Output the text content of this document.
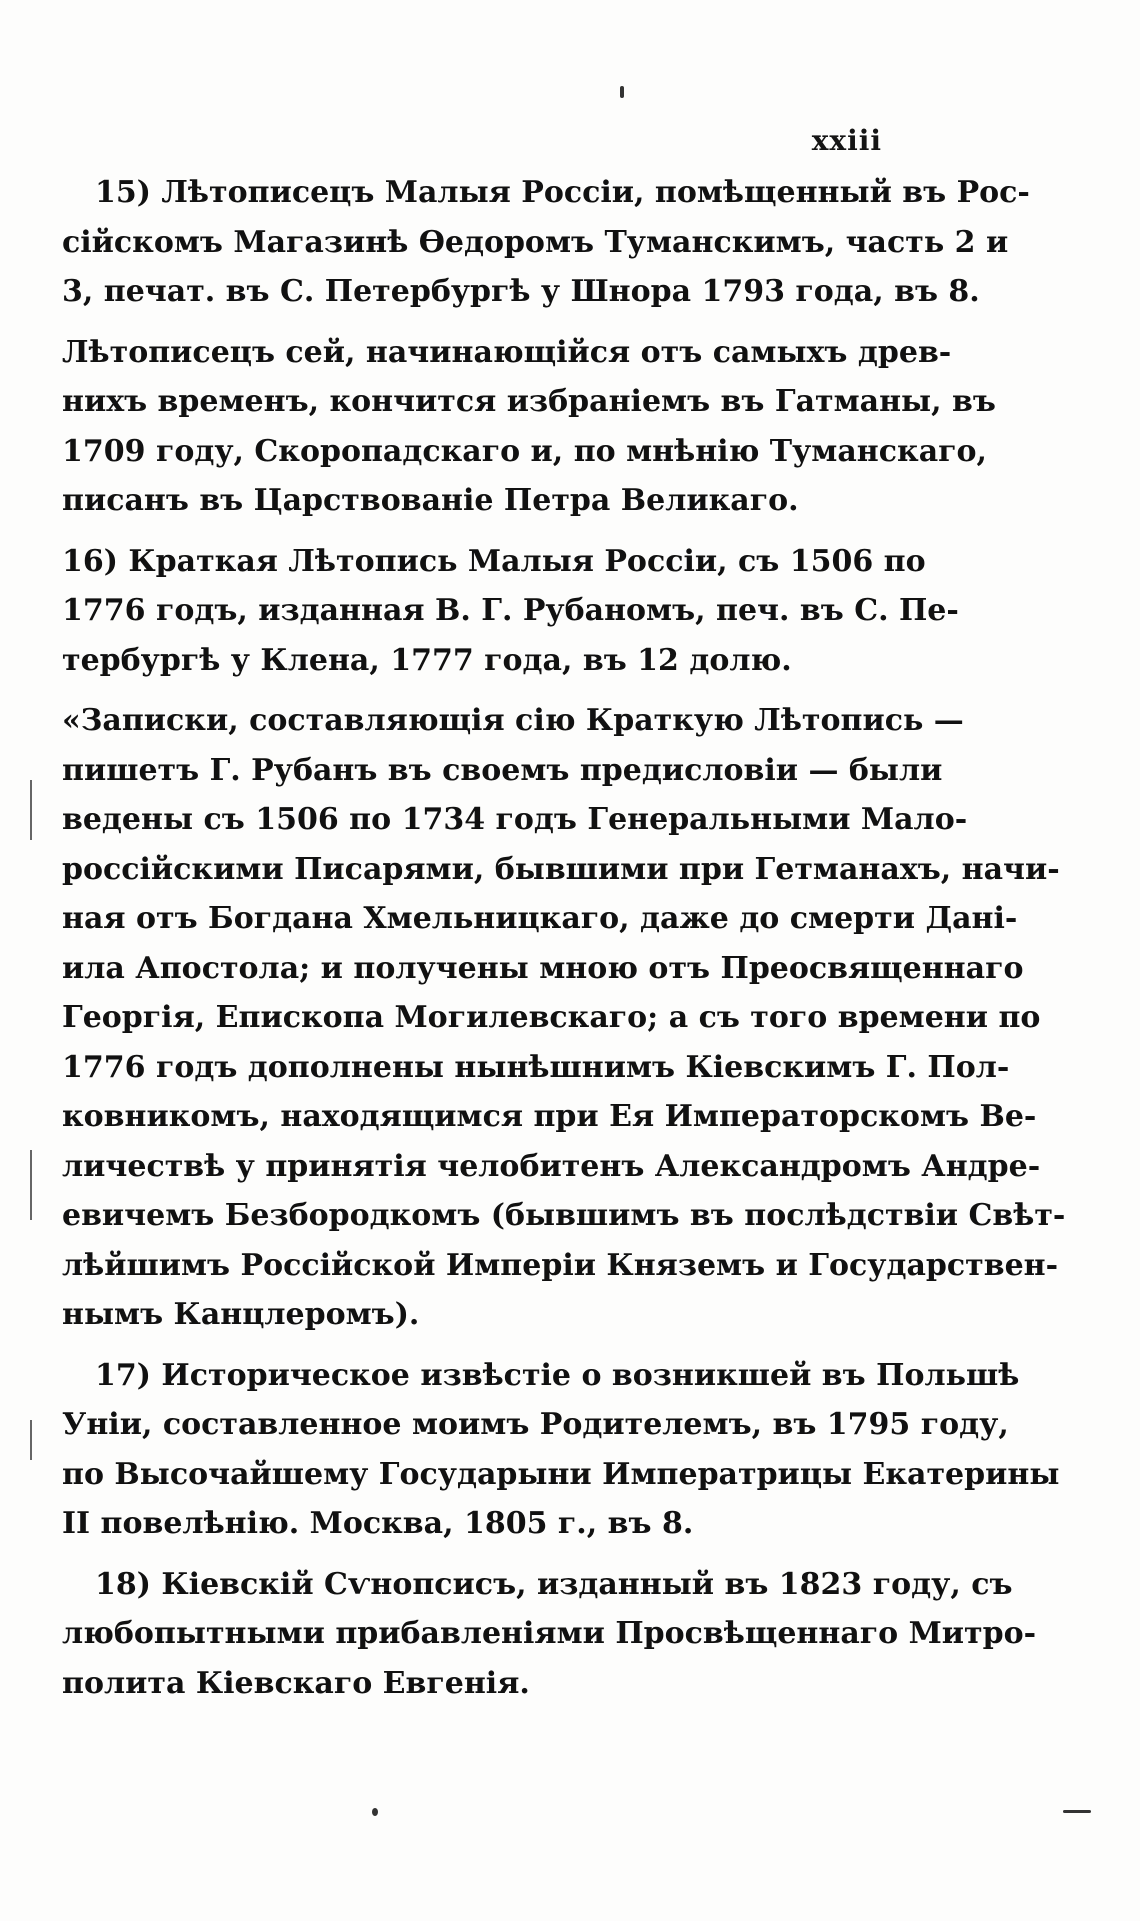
xxiii
15) Лѣтописецъ Малыя Россіи, помѣщенный въ Рос-
сійскомъ Магазинѣ Ѳедоромъ Туманскимъ, часть 2 и
3, печат. въ С. Петербургѣ у Шнора 1793 года, въ 8.
Лѣтописецъ сей, начинающійся отъ самыхъ древ-
нихъ временъ, кончится избраніемъ въ Гатманы, въ
1709 году, Скоропадскаго и, по мнѣнію Туманскаго,
писанъ въ Царствованіе Петра Великаго.
16) Краткая Лѣтопись Малыя Россіи, съ 1506 по
1776 годъ, изданная В. Г. Рубаномъ, печ. въ С. Пе-
тербургѣ у Клена, 1777 года, въ 12 долю.
«Записки, составляющія сію Краткую Лѣтопись —
пишетъ Г. Рубанъ въ своемъ предисловіи — были
ведены съ 1506 по 1734 годъ Генеральными Мало-
россійскими Писарями, бывшими при Гетманахъ, начи-
ная отъ Богдана Хмельницкаго, даже до смерти Дані-
ила Апостола; и получены мною отъ Преосвященнаго
Георгія, Епископа Могилевскаго; а съ того времени по
1776 годъ дополнены нынѣшнимъ Кіевскимъ Г. Пол-
ковникомъ, находящимся при Ея Императорскомъ Ве-
личествѣ у принятія челобитенъ Александромъ Андре-
евичемъ Безбородкомъ (бывшимъ въ послѣдствіи Свѣт-
лѣйшимъ Россійской Имперіи Княземъ и Государствен-
нымъ Канцлеромъ).
17) Историческое извѣстіе о возникшей въ Польшѣ
Уніи, составленное моимъ Родителемъ, въ 1795 году,
по Высочайшему Государыни Императрицы Екатерины
II повелѣнію. Москва, 1805 г., въ 8.
18) Кіевскій Сѵнопсисъ, изданный въ 1823 году, съ
любопытными прибавленіями Просвѣщеннаго Митро-
полита Кіевскаго Евгенія.
